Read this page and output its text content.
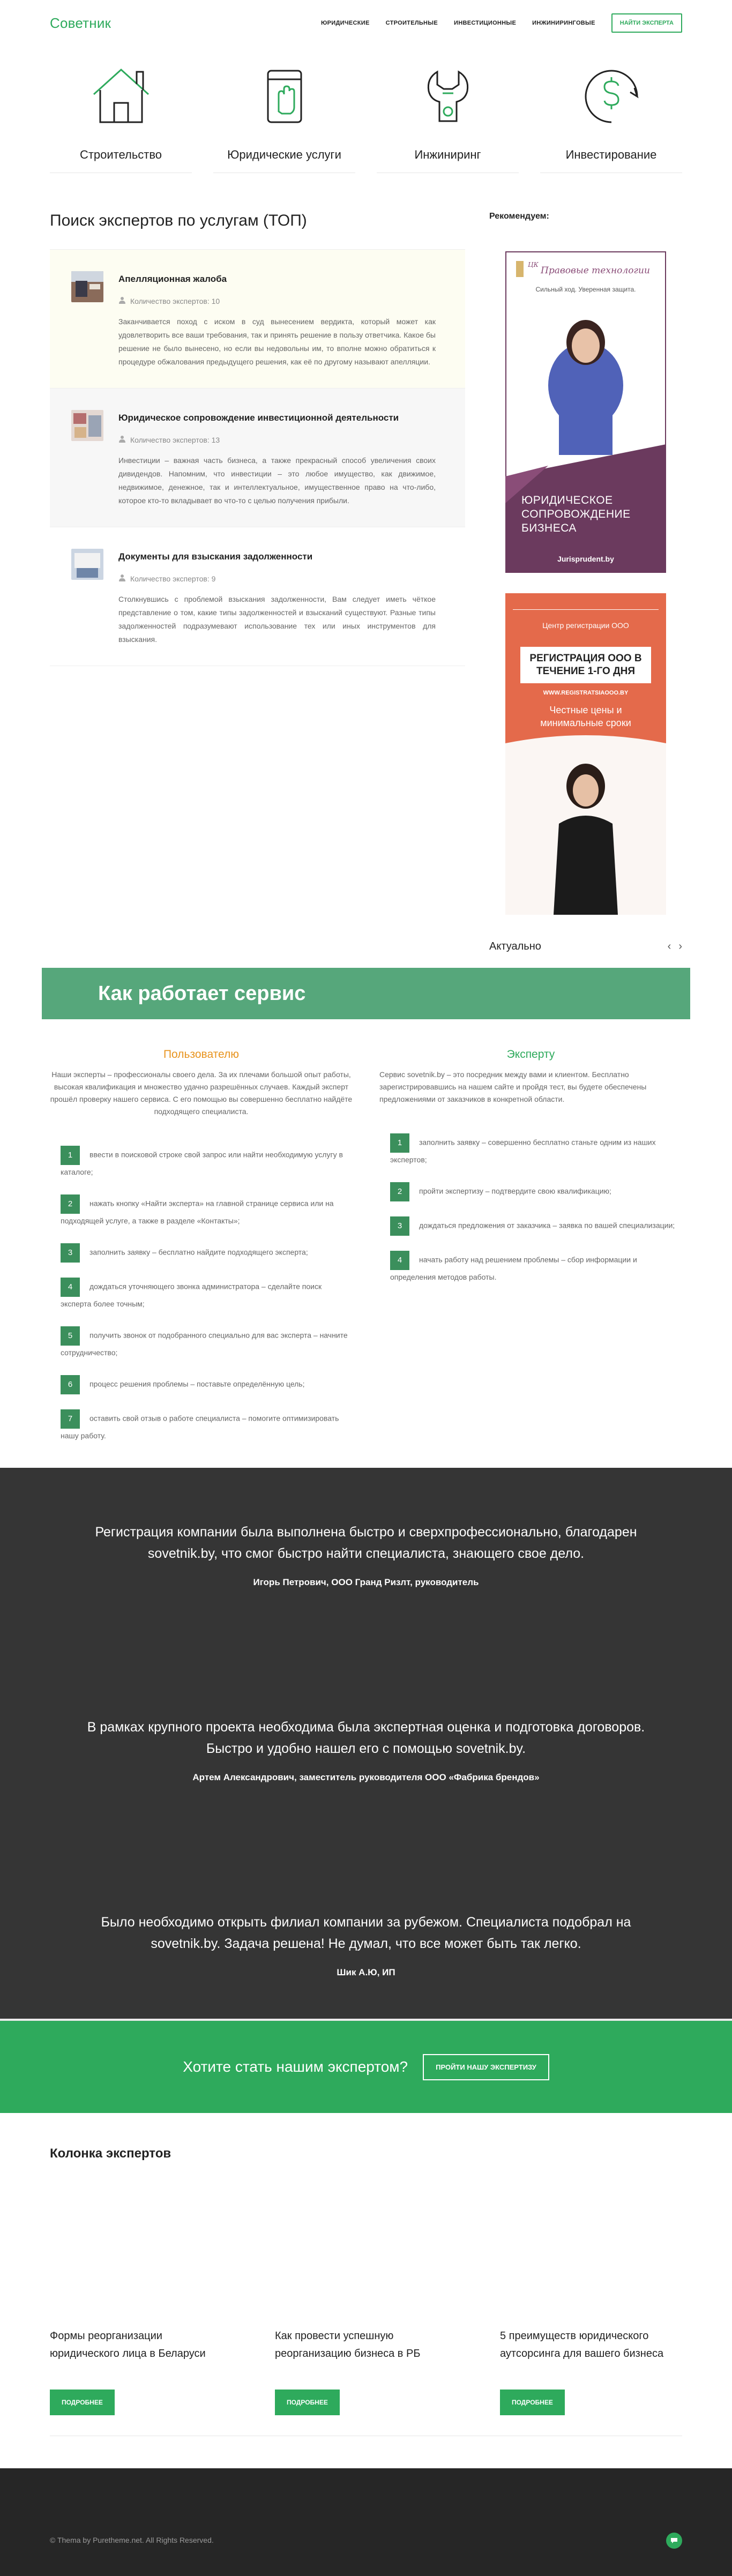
Советник	ЮРИДИЧЕСКИЕ	СТРОИТЕЛЬНЫЕ	ИНВЕСТИЦИОННЫЕ	ИНЖИНИРИНГОВЫЕ	НАЙТИ ЭКСПЕРТА
Строительство	Юридические услуги	Инжиниринг	Инвестирование
Поиск экспертов по услугам (ТОП)
Апелляционная жалоба
Количество экспертов: 10

Заканчивается поход с иском в суд вынесением вердикта, который может как удовлетворить все ваши требования, так и принять решение в пользу ответчика. Какое бы решение не было вынесено, но если вы недовольны им, то вполне можно обратиться к процедуре обжалования предыдущего решения, как её по другому называют апелляции.

Юридическое сопровождение инвестиционной деятельности
Количество экспертов: 13

Инвестиции – важная часть бизнеса, а также прекрасный способ увеличения своих дивидендов. Напомним, что инвестиции – это любое имущество, как движимое, недвижимое, денежное, так и интеллектуальное, имущественное право на что-либо, которое кто-то вкладывает во что-то с целью получения прибыли.

Документы для взыскания задолженности
Количество экспертов: 9

Столкнувшись с проблемой взыскания задолженности, Вам следует иметь чёткое представление о том, какие типы задолженностей и взысканий существуют. Разные типы задолженностей подразумевают использование тех или иных инструментов для взыскания.

Рекомендуем:
ЦК
Правовые технологии
Сильный ход. Уверенная защита.
ЮРИДИЧЕСКОЕ СОПРОВОЖДЕНИЕ БИЗНЕСА
Jurisprudent.by
Центр регистрации ООО
РЕГИСТРАЦИЯ ООО В ТЕЧЕНИЕ 1-ГО ДНЯ
WWW.REGISTRATSIAOOO.BY
Честные цены и минимальные сроки
Актуально	‹ ›
Как работает сервис
Пользователю

Наши эксперты – профессионалы своего дела. За их плечами большой опыт работы, высокая квалификация и множество удачно разрешённых случаев. Каждый эксперт прошёл проверку нашего сервиса. С его помощью вы совершенно бесплатно найдёте подходящего специалиста.

1 ввести в поисковой строке свой запрос или найти необходимую услугу в каталоге;
2 нажать кнопку «Найти эксперта» на главной странице сервиса или на подходящей услуге, а также в разделе «Контакты»;
3 заполнить заявку – бесплатно найдите подходящего эксперта;
4 дождаться уточняющего звонка администратора – сделайте поиск эксперта более точным;
5 получить звонок от подобранного специально для вас эксперта – начните сотрудничество;
6 процесс решения проблемы – поставьте определённую цель;
7 оставить свой отзыв о работе специалиста – помогите оптимизировать нашу работу.
Эксперту

Сервис sovetnik.by – это посредник между вами и клиентом. Бесплатно зарегистрировавшись на нашем сайте и пройдя тест, вы будете обеспечены предложениями от заказчиков в конкретной области.

1 заполнить заявку – совершенно бесплатно станьте одним из наших экспертов;
2 пройти экспертизу – подтвердите свою квалификацию;
3 дождаться предложения от заказчика – заявка по вашей специализации;
4 начать работу над решением проблемы – сбор информации и определения методов работы.

Регистрация компании была выполнена быстро и сверхпрофессионально, благодарен sovetnik.by, что смог быстро найти специалиста, знающего свое дело.

Игорь Петрович, ООО Гранд Ризлт, руководитель

В рамках крупного проекта необходима была экспертная оценка и подготовка договоров. Быстро и удобно нашел его с помощью sovetnik.by.

Артем Александрович, заместитель руководителя ООО «Фабрика брендов»

Было необходимо открыть филиал компании за рубежом. Специалиста подобрал на sovetnik.by. Задача решена! Не думал, что все может быть так легко.

Шик А.Ю, ИП

Хотите стать нашим экспертом?	ПРОЙТИ НАШУ ЭКСПЕРТИЗУ
Колонка экспертов
Формы реорганизации юридического лица в Беларуси
ПОДРОБНЕЕ
Как провести успешную реорганизацию бизнеса в РБ
ПОДРОБНЕЕ
5 преимуществ юридического аутсорсинга для вашего бизнеса
ПОДРОБНЕЕ
© Thema by Puretheme.net. All Rights Reserved.
